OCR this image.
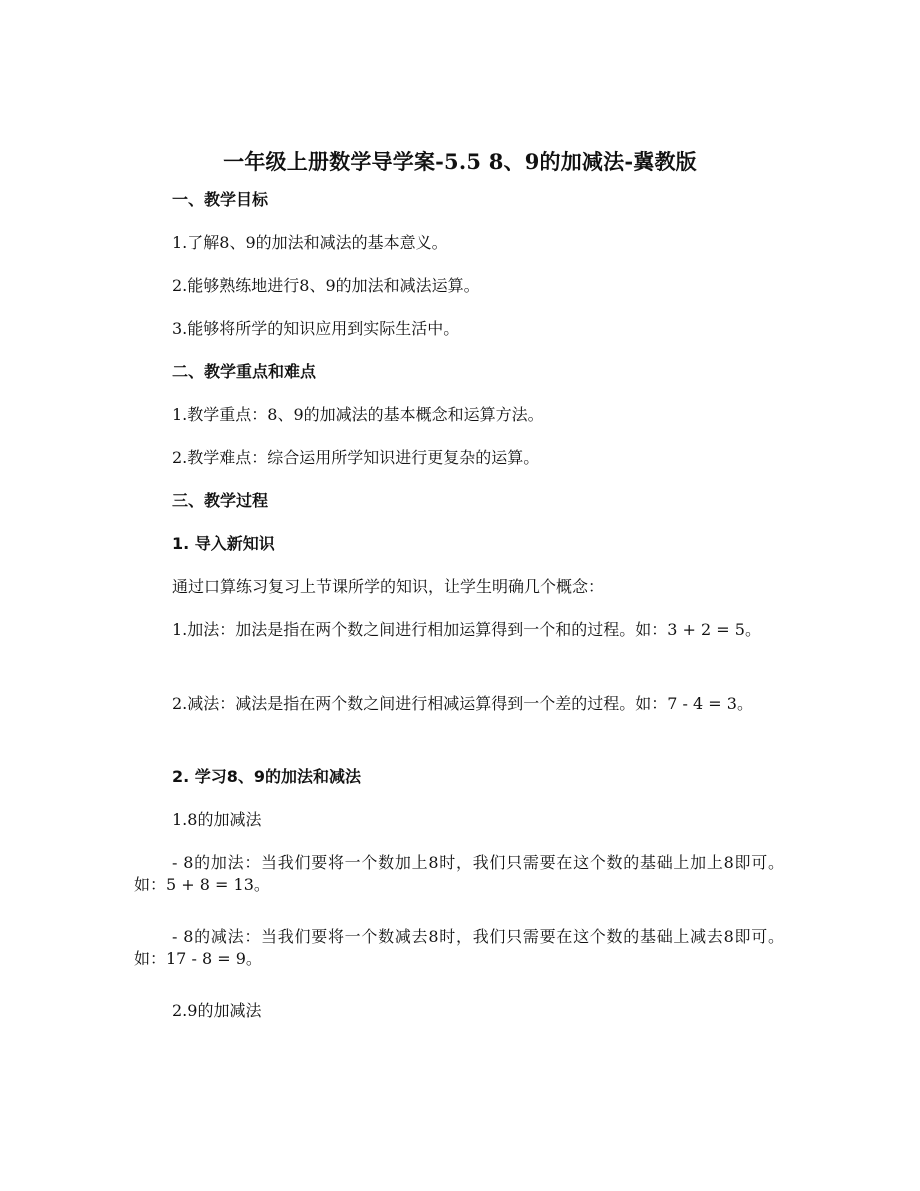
一年级上册数学导学案-5.5 8、9的加减法-冀教版
一、教学目标
1.了解8、9的加法和减法的基本意义。
2.能够熟练地进行8、9的加法和减法运算。
3.能够将所学的知识应用到实际生活中。
二、教学重点和难点
1.教学重点：8、9的加减法的基本概念和运算方法。
2.教学难点：综合运用所学知识进行更复杂的运算。
三、教学过程
1. 导入新知识
通过口算练习复习上节课所学的知识，让学生明确几个概念：
1.加法：加法是指在两个数之间进行相加运算得到一个和的过程。如：3 + 2 = 5。
2.减法：减法是指在两个数之间进行相减运算得到一个差的过程。如：7 - 4 = 3。
2. 学习8、9的加法和减法
1.8的加减法
- 8的加法：当我们要将一个数加上8时，我们只需要在这个数的基础上加上8即可。如：5 + 8 = 13。
- 8的减法：当我们要将一个数减去8时，我们只需要在这个数的基础上减去8即可。如：17 - 8 = 9。
2.9的加减法
